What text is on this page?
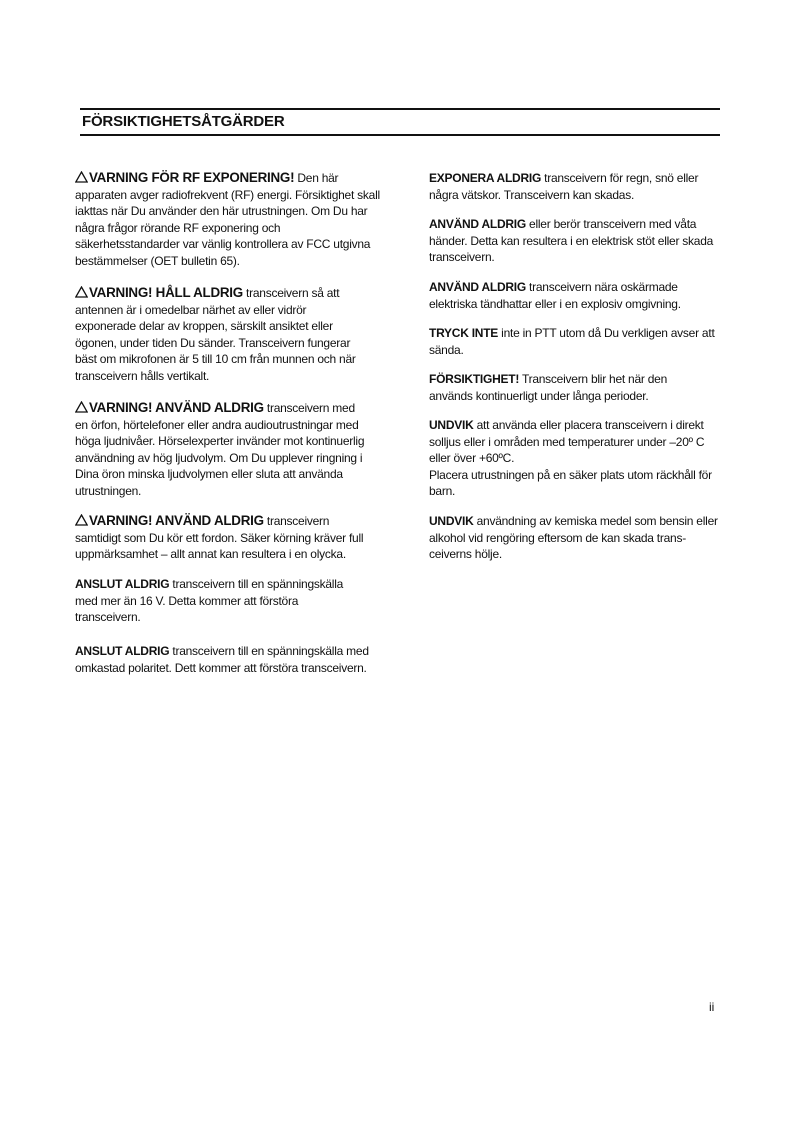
FÖRSIKTIGHETSÅTGÄRDER

VARNING FÖR RF EXPONERING! Den här apparaten avger radiofrekvent (RF) energi. Försiktighet skall iakttas när Du använder den här utrustningen. Om Du har några frågor rörande RF exponering och säkerhetsstandarder var vänlig kontrollera av FCC utgivna bestämmelser (OET bulletin 65).

VARNING! HÅLL ALDRIG transceivern så att antennen är i omedelbar närhet av eller vidrör exponerade delar av kroppen, särskilt ansiktet eller ögonen, under tiden Du sänder. Transceivern fungerar bäst om mikrofonen är 5 till 10 cm från munnen och när transceivern hålls vertikalt.

VARNING! ANVÄND ALDRIG transceivern med en örfon, hörtelefoner eller andra audioutrustningar med höga ljudnivåer. Hörselexperter invänder mot kontinuerlig användning av hög ljudvolym. Om Du upplever ringning i Dina öron minska ljudvolymen eller sluta att använda utrustningen.

VARNING! ANVÄND ALDRIG transceivern samtidigt som Du kör ett fordon. Säker körning kräver full uppmärksamhet – allt annat kan resultera i en olycka.

ANSLUT ALDRIG transceivern till en spänningskälla med mer än 16 V. Detta kommer att förstöra transceivern.

ANSLUT ALDRIG transceivern till en spänningskälla med omkastad polaritet. Dett kommer att förstöra transceivern.

EXPONERA ALDRIG transceivern för regn, snö eller några vätskor. Transceivern kan skadas.

ANVÄND ALDRIG eller berör transceivern med våta händer. Detta kan resultera i en elektrisk stöt eller skada transceivern.

ANVÄND ALDRIG transceivern nära oskärmade elektriska tändhattar eller i en explosiv omgivning.

TRYCK INTE inte in PTT utom då Du verkligen avser att sända.

FÖRSIKTIGHET! Transceivern blir het när den används kontinuerligt under långa perioder.

UNDVIK att använda eller placera transceivern i direkt solljus eller i områden med temperaturer under –20º C eller över +60ºC.
Placera utrustningen på en säker plats utom räckhåll för barn.

UNDVIK användning av kemiska medel som bensin eller alkohol vid rengöring eftersom de kan skada trans-ceiverns hölje.

ii
